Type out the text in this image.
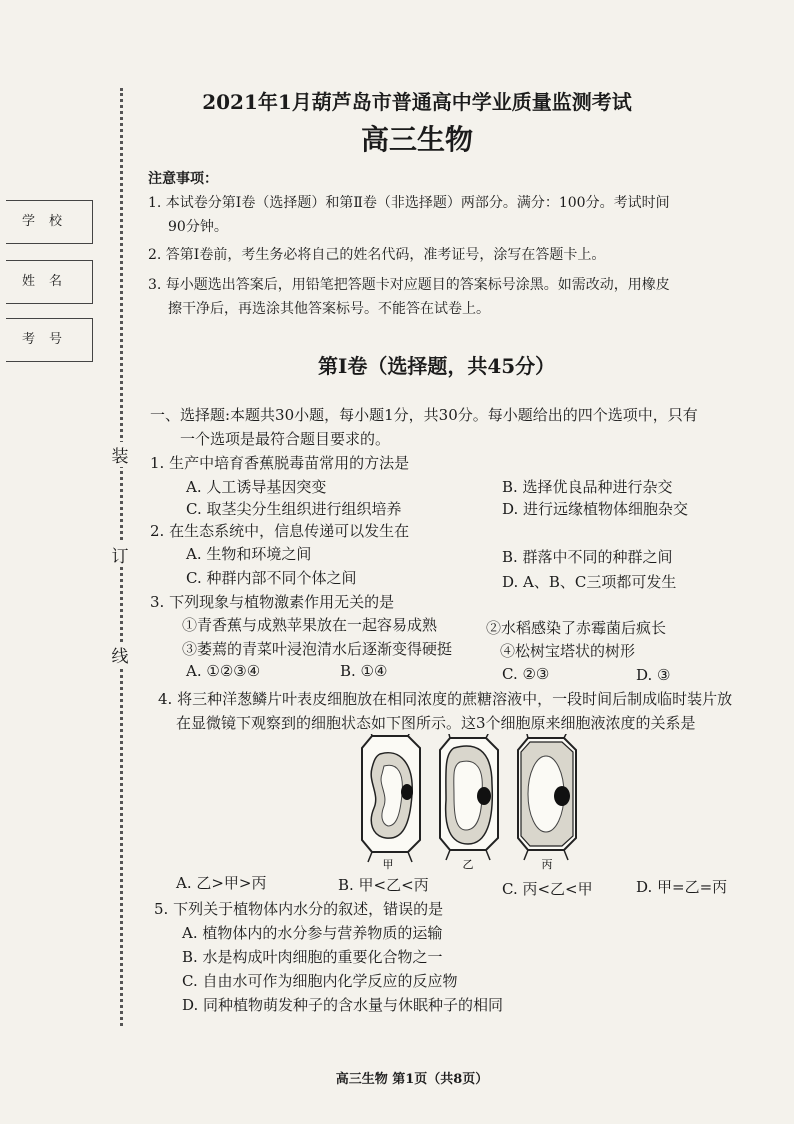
装
订
线
学校
姓名
考号
2021年1月葫芦岛市普通高中学业质量监测考试
高三生物
注意事项：
1. 本试卷分第Ⅰ卷（选择题）和第Ⅱ卷（非选择题）两部分。满分：100分。考试时间
90分钟。
2. 答第Ⅰ卷前，考生务必将自己的姓名代码，准考证号，涂写在答题卡上。
3. 每小题选出答案后，用铅笔把答题卡对应题目的答案标号涂黑。如需改动，用橡皮
擦干净后，再选涂其他答案标号。不能答在试卷上。
第Ⅰ卷（选择题，共45分）
一、选择题:本题共30小题，每小题1分，共30分。每小题给出的四个选项中，只有
一个选项是最符合题目要求的。
1. 生产中培育香蕉脱毒苗常用的方法是
A. 人工诱导基因突变	B. 选择优良品种进行杂交
C. 取茎尖分生组织进行组织培养	D. 进行远缘植物体细胞杂交
2. 在生态系统中，信息传递可以发生在
A. 生物和环境之间	B. 群落中不同的种群之间
C. 种群内部不同个体之间	D. A、B、C三项都可发生
3. 下列现象与植物激素作用无关的是
①青香蕉与成熟苹果放在一起容易成熟	②水稻感染了赤霉菌后疯长
③萎蔫的青菜叶浸泡清水后逐渐变得硬挺	④松树宝塔状的树形
A. ①②③④	B. ①④	C. ②③	D. ③
4. 将三种洋葱鳞片叶表皮细胞放在相同浓度的蔗糖溶液中，一段时间后制成临时装片放
在显微镜下观察到的细胞状态如下图所示。这3个细胞原来细胞液浓度的关系是
甲	乙	丙
A. 乙>甲>丙	B. 甲<乙<丙	C. 丙<乙<甲	D. 甲=乙=丙
5. 下列关于植物体内水分的叙述，错误的是
A. 植物体内的水分参与营养物质的运输
B. 水是构成叶肉细胞的重要化合物之一
C. 自由水可作为细胞内化学反应的反应物
D. 同种植物萌发种子的含水量与休眠种子的相同
高三生物 第1页（共8页）
